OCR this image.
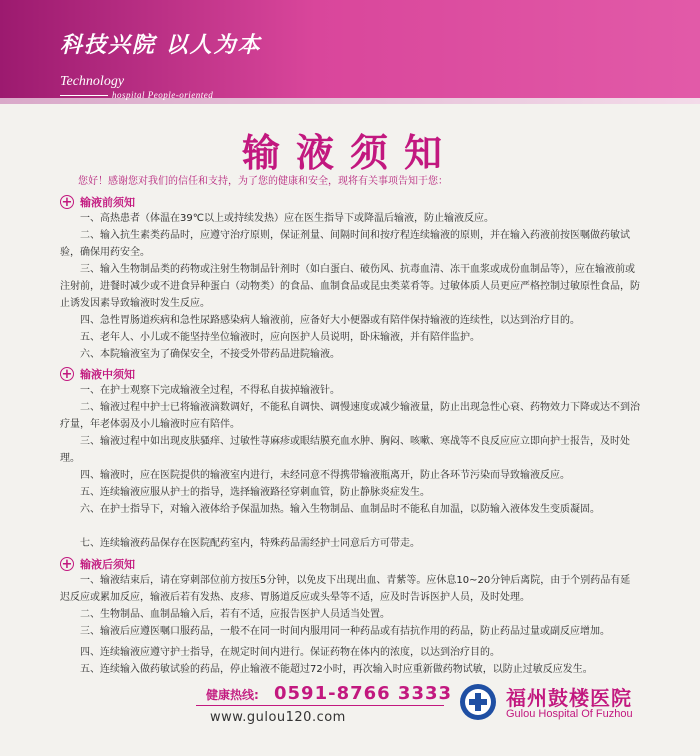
科技兴院 以人为本
Technology
hospital People-oriented
输液须知
您好！感谢您对我们的信任和支持，为了您的健康和安全，现将有关事项告知于您：
+ 输液前须知
一、高热患者（体温在39℃以上或持续发热）应在医生指导下或降温后输液，防止输液反应。
二、输入抗生素类药品时，应遵守治疗原则，保证剂量、间隔时间和按疗程连续输液的原则，并在输入药液前按医嘱做药敏试验，确保用药安全。
三、输入生物制品类的药物或注射生物制品针剂时（如白蛋白、破伤风、抗毒血清、冻干血浆或成份血制品等），应在输液前或注射前，进餐时减少或不进食异种蛋白（动物类）的食品、血制食品或昆虫类菜肴等。过敏体质人员更应严格控制过敏原性食品，防止诱发因素导致输液时发生反应。
四、急性胃肠道疾病和急性尿路感染病人输液前，应备好大小便器或有陪伴保持输液的连续性，以达到治疗目的。
五、老年人、小儿或不能坚持坐位输液时，应向医护人员说明，卧床输液，并有陪伴监护。
六、本院输液室为了确保安全，不接受外带药品进院输液。
+ 输液中须知
一、在护士观察下完成输液全过程，不得私自拔掉输液针。
二、输液过程中护士已将输液滴数调好，不能私自调快、调慢速度或减少输液量，防止出现急性心衰、药物效力下降或达不到治疗量，年老体弱及小儿输液时应有陪伴。
三、输液过程中如出现皮肤骚痒、过敏性荨麻疹或眼结膜充血水肿、胸闷、咳嗽、寒战等不良反应应立即向护士报告，及时处理。
四、输液时，应在医院提供的输液室内进行，未经同意不得携带输液瓶离开，防止各环节污染而导致输液反应。
五、连续输液应服从护士的指导，选择输液路径穿刺血管，防止静脉炎症发生。
六、在护士指导下，对输入液体给予保温加热。输入生物制品、血制品时不能私自加温，以防输入液体发生变质凝固。
七、连续输液药品保存在医院配药室内，特殊药品需经护士同意后方可带走。
+ 输液后须知
一、输液结束后，请在穿刺部位前方按压5分钟，以免皮下出现出血、青紫等。应休息10~20分钟后离院，由于个别药品有延迟反应或累加反应，输液后若有发热、皮疹、胃肠道反应或头晕等不适，应及时告诉医护人员，及时处理。
二、生物制品、血制品输入后，若有不适，应报告医护人员适当处置。
三、输液后应遵医嘱口服药品，一般不在同一时间内服用同一种药品或有拮抗作用的药品，防止药品过量或副反应增加。
四、连续输液应遵守护士指导，在规定时间内进行。保证药物在体内的浓度，以达到治疗目的。
五、连续输入做药敏试验的药品，停止输液不能超过72小时，再次输入时应重新做药物试敏，以防止过敏反应发生。
健康热线: 0591-8766 3333
www.gulou120.com
福州鼓楼医院
Gulou Hospital Of Fuzhou
